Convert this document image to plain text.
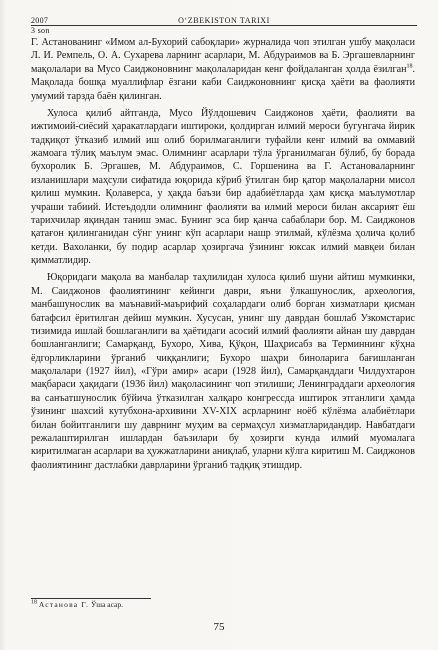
2007	O‘ZBEKISTON TARIXI
3 son

Г. Астанованинг «Имом ал-Бухорий сабоқлари» журналида чоп этилган ушбу мақоласи Л. И. Ремпель, О. А. Сухарева ларнинг асарлари, М. Абдураимов ва Б. Эргашевларнинг мақолалари ва Мусо Саиджоновнинг мақолаларидан кенг фойдаланган ҳолда ёзилган$^{18}$. Мақолада бошқа муаллифлар ёзгани каби Саиджоновнинг қисқа ҳаёти ва фаолияти умумий тарзда баён қилинган.

Хулоса қилиб айтганда, Мусо Йўлдошевич Саиджонов ҳаёти, фаолияти ва ижтимоий-сиёсий ҳаракатлардаги иштироки, қолдирган илмий мероси бугунгача йирик тадқиқот ўтказиб илмий иш олиб борилмаганлиги туфайли кенг илмий ва оммавий жамоага тўлиқ маълум эмас. Олимнинг асарлари тўла ўрганилмаган бўлиб, бу борада бухоролик Б. Эргашев, М. Абдураимов, С. Горшенина ва Г. Астановаларнинг изланишлари маҳсули сифатида юқорида кўриб ўтилган бир қатор мақолаларни мисол қилиш мумкин. Қолаверса, у ҳақда баъзи бир адабиётларда ҳам қисқа маълумотлар учраши табиий. Истеъдодли олимнинг фаолияти ва илмий мероси билан аксарият ёш тарихчилар яқиндан таниш эмас. Бунинг эса бир қанча сабаблари бор. М. Саиджонов қатағон қилинганидан сўнг унинг кўп асарлари нашр этилмай, кўлёзма ҳолича қолиб кетди. Вахоланки, бу подир асарлар ҳозиргача ўзининг юксак илмий мавқеи билан қимматлидир.

Юқоридаги мақола ва манбалар таҳлилидан хулоса қилиб шуни айтиш мумкинки, М. Саиджонов фаолиятининг кейинги даври, яъни ўлкашунослик, археология, манбашунослик ва маънавий-маърифий соҳалардаги олиб борган хизматлари қисман батафсил ёритилган дейиш мумкин. Хусусан, унинг шу даврдан бошлаб Узкомстарис тизимида ишлай бошлаганлиги ва ҳаётидаги асосий илмий фаолияти айнан шу даврдан бошланганлиги; Самарқанд, Бухоро, Хива, Қўқон, Шаҳрисабз ва Терминнинг кўҳна ёдгорликларини ўрганиб чиққанлиги; Бухоро шаҳри биноларига бағишланган мақолалари (1927 йил), «Гўри амир» асари (1928 йил), Самарқанддаги Чилдухтарон мақбараси ҳақидаги (1936 йил) мақоласининг чоп этилиши; Ленинграддаги археология ва санъатшунослик бўйича ўтказилган халқаро конгрессда иштирок этганлиги ҳамда ўзининг шахсий кутубхона-архивини XV-XIX асрларнинг ноёб кўлёзма алабиётлари билан бойитганлиги шу даврнинг муҳим ва сермаҳсул хизматларидандир. Навбатдаги режалаштирилган ишлардан баъзилари бу ҳозирги кунда илмий муомалага киритилмаган асарлари ва ҳужжатларини аниқлаб, уларни кўлга киритиш М. Саиджонов фаолиятининг дастлабки даврларини ўрганиб тадқиқ этишдир.

$^{18}$ Астанова Г. Ўша асар.
75
